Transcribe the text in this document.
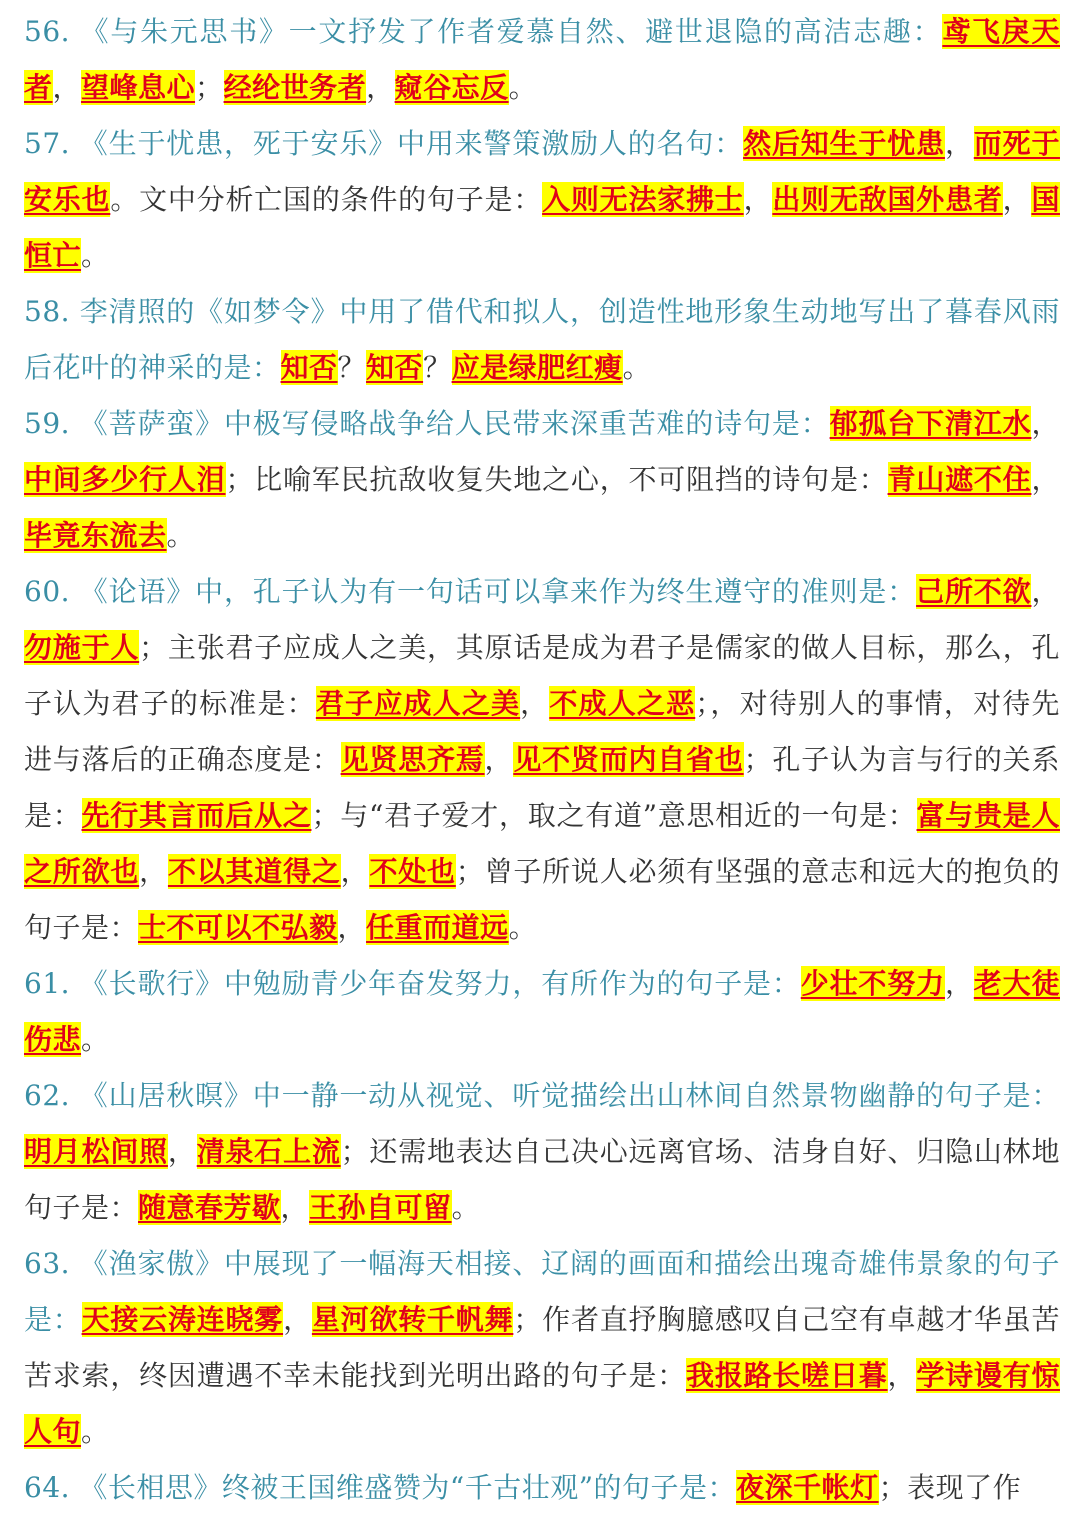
56. 《与朱元思书》一文抒发了作者爱慕自然、避世退隐的高洁志趣：鸢飞戾天者，望峰息心；经纶世务者，窥谷忘反。

57. 《生于忧患，死于安乐》中用来警策激励人的名句：然后知生于忧患，而死于安乐也。文中分析亡国的条件的句子是：入则无法家拂士，出则无敌国外患者，国恒亡。

58. 李清照的《如梦令》中用了借代和拟人，创造性地形象生动地写出了暮春风雨后花叶的神采的是：知否？知否？应是绿肥红瘦。

59. 《菩萨蛮》中极写侵略战争给人民带来深重苦难的诗句是：郁孤台下清江水，中间多少行人泪；比喻军民抗敌收复失地之心，不可阻挡的诗句是：青山遮不住，毕竟东流去。

60. 《论语》中，孔子认为有一句话可以拿来作为终生遵守的准则是：己所不欲，勿施于人；主张君子应成人之美，其原话是成为君子是儒家的做人目标，那么，孔子认为君子的标准是：君子应成人之美，不成人之恶；，对待别人的事情，对待先进与落后的正确态度是：见贤思齐焉，见不贤而内自省也；孔子认为言与行的关系是：先行其言而后从之；与“君子爱才，取之有道”意思相近的一句是：富与贵是人之所欲也，不以其道得之，不处也；曾子所说人必须有坚强的意志和远大的抱负的句子是：士不可以不弘毅，任重而道远。

61. 《长歌行》中勉励青少年奋发努力，有所作为的句子是：少壮不努力，老大徒伤悲。

62. 《山居秋暝》中一静一动从视觉、听觉描绘出山林间自然景物幽静的句子是：明月松间照，清泉石上流；还需地表达自己决心远离官场、洁身自好、归隐山林地句子是：随意春芳歇，王孙自可留。

63. 《渔家傲》中展现了一幅海天相接、辽阔的画面和描绘出瑰奇雄伟景象的句子是：天接云涛连晓雾，星河欲转千帆舞；作者直抒胸臆感叹自己空有卓越才华虽苦苦求索，终因遭遇不幸未能找到光明出路的句子是：我报路长嗟日暮，学诗谩有惊人句。

64. 《长相思》终被王国维盛赞为“千古壮观”的句子是：夜深千帐灯；表现了作
